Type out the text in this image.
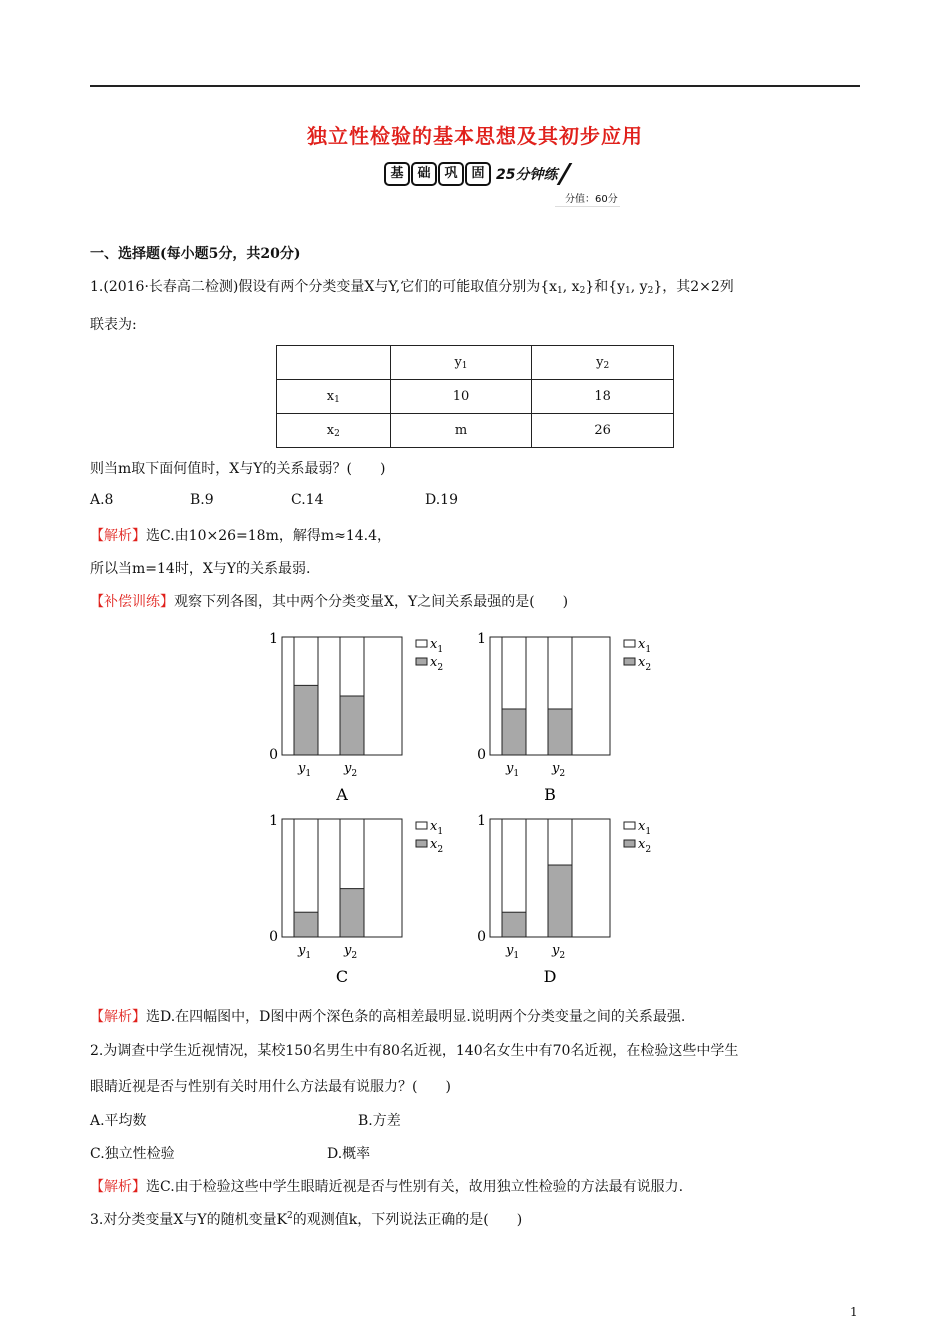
独立性检验的基本思想及其初步应用
基	础	巩	固 25分钟练
分值：60分
一、选择题(每小题5分，共20分)
1.(2016·长春高二检测)假设有两个分类变量X与Y,它们的可能取值分别为{$x_1$, $x_2$}和{$y_1$, $y_2$}，其2×2列
联表为:
	$y_1$	$y_2$
$x_1$	10	18
$x_2$	m	26
则当m取下面何值时，X与Y的关系最弱？(　　)
A.8	B.9	C.14	D.19
【解析】选C.由10×26=18m，解得m≈14.4，
所以当m=14时，X与Y的关系最弱.
【补偿训练】观察下列各图，其中两个分类变量X，Y之间关系最强的是(　　)
1
0
$y_1$	$y_2$
$x_1$
$x_2$
A
1
0
$y_1$	$y_2$
$x_1$
$x_2$
B
1
0
$y_1$	$y_2$
$x_1$
$x_2$
C
1
0
$y_1$	$y_2$
$x_1$
$x_2$
D
【解析】选D.在四幅图中，D图中两个深色条的高相差最明显.说明两个分类变量之间的关系最强.
2.为调查中学生近视情况，某校150名男生中有80名近视，140名女生中有70名近视，在检验这些中学生
眼睛近视是否与性别有关时用什么方法最有说服力？(　　)
A.平均数	B.方差
C.独立性检验	D.概率
【解析】选C.由于检验这些中学生眼睛近视是否与性别有关，故用独立性检验的方法最有说服力.
3.对分类变量X与Y的随机变量$K^2$的观测值k，下列说法正确的是(　　)
1
